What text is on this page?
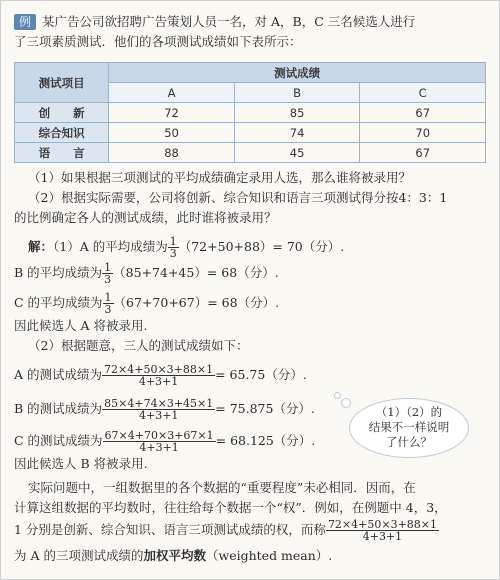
例 某广告公司欲招聘广告策划人员一名，对 A，B，C 三名候选人进行
了三项素质测试．他们的各项测试成绩如下表所示：
测试项目	测试成绩		
	A	B	C
创　　新	72	85	67
综合知识	50	74	70
语　　言	88	45	67
（1）如果根据三项测试的平均成绩确定录用人选，那么谁将被录用？
（2）根据实际需要，公司将创新、综合知识和语言三项测试得分按4：3：1
的比例确定各人的测试成绩，此时谁将被录用？
解：（1）A 的平均成绩为 $\frac{1}{3} (72+50+88)= 70$（分）.
B 的平均成绩为 $\frac{1}{3} (85+74+45)= 68$（分）.
C 的平均成绩为 $\frac{1}{3} (67+70+67)= 68$（分）.
因此候选人 A 将被录用.
（2）根据题意，三人的测试成绩如下：
A 的测试成绩为 $\frac{72\times 4+50\times 3+88\times 1}{4+3+1} = 65.75$（分）.
B 的测试成绩为 $\frac{85\times 4+74\times 3+45\times 1}{4+3+1} = 75.875$（分）.
C 的测试成绩为 $\frac{67\times 4+70\times 3+67\times 1}{4+3+1} = 68.125$（分）.
因此候选人 B 将被录用.
（1）（2）的
结果不一样说明
了什么？
实际问题中，一组数据里的各个数据的“重要程度”未必相同．因而，在
计算这组数据的平均数时，往往给每个数据一个“权”．例如，在例题中 4，3，
1 分别是创新、综合知识、语言三项测试成绩的权，而称 $\frac{72\times 4+50\times 3+88\times 1}{4+3+1}$
为 A 的三项测试成绩的加权平均数（weighted mean）.
